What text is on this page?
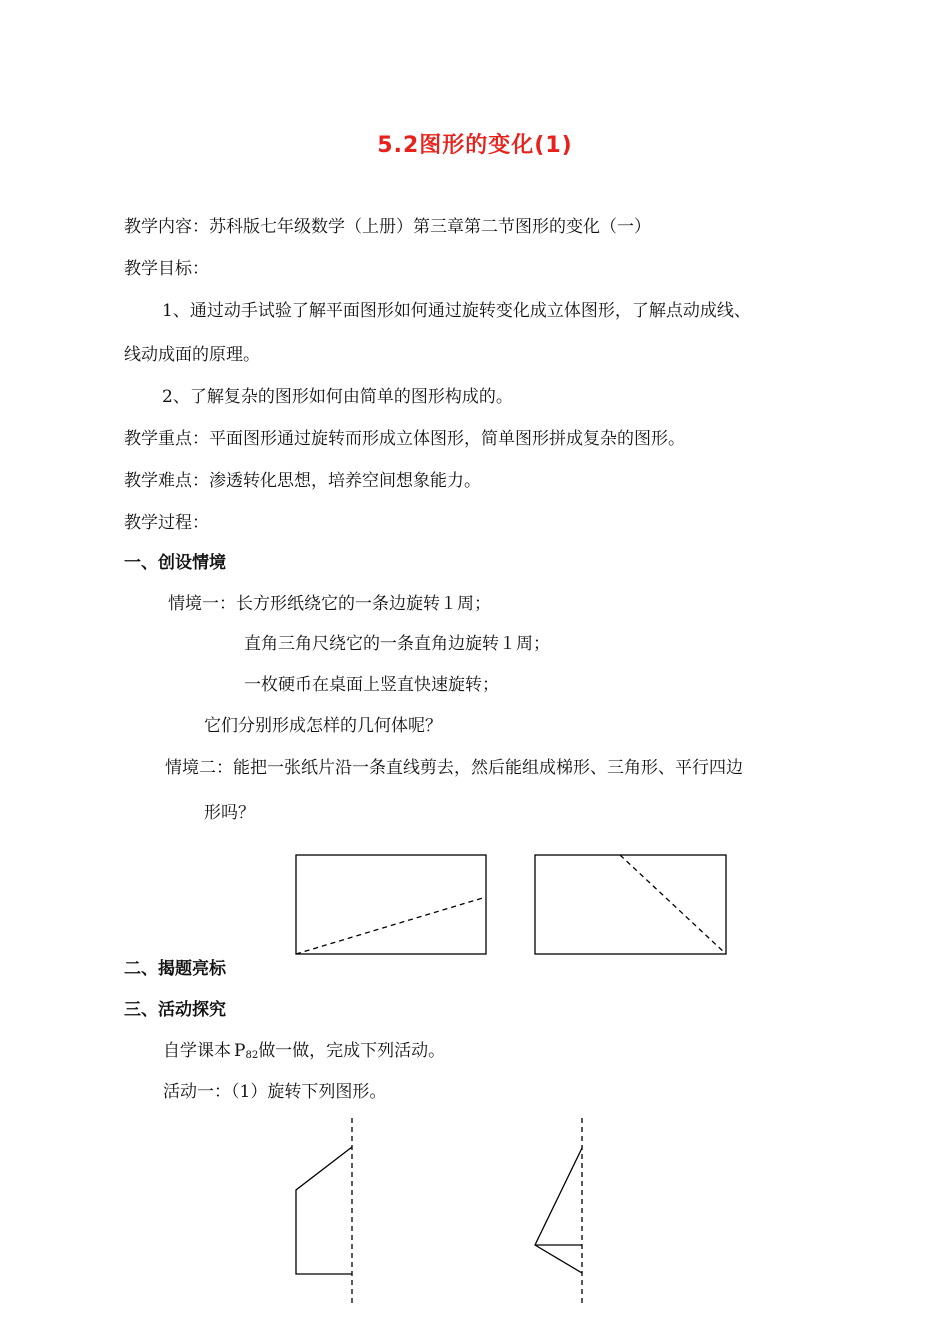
5.2图形的变化(1)
教学内容：苏科版七年级数学（上册）第三章第二节图形的变化（一）
教学目标：
1、通过动手试验了解平面图形如何通过旋转变化成立体图形，了解点动成线、
线动成面的原理。
2、了解复杂的图形如何由简单的图形构成的。
教学重点：平面图形通过旋转而形成立体图形，简单图形拼成复杂的图形。
教学难点：渗透转化思想，培养空间想象能力。
教学过程：
一、创设情境
情境一：长方形纸绕它的一条边旋转１周；
直角三角尺绕它的一条直角边旋转１周；
一枚硬币在桌面上竖直快速旋转；
它们分别形成怎样的几何体呢？
情境二：能把一张纸片沿一条直线剪去，然后能组成梯形、三角形、平行四边
形吗？
二、揭题亮标
三、活动探究
自学课本 $P_{82}$做一做，完成下列活动。
活动一：（1）旋转下列图形。
